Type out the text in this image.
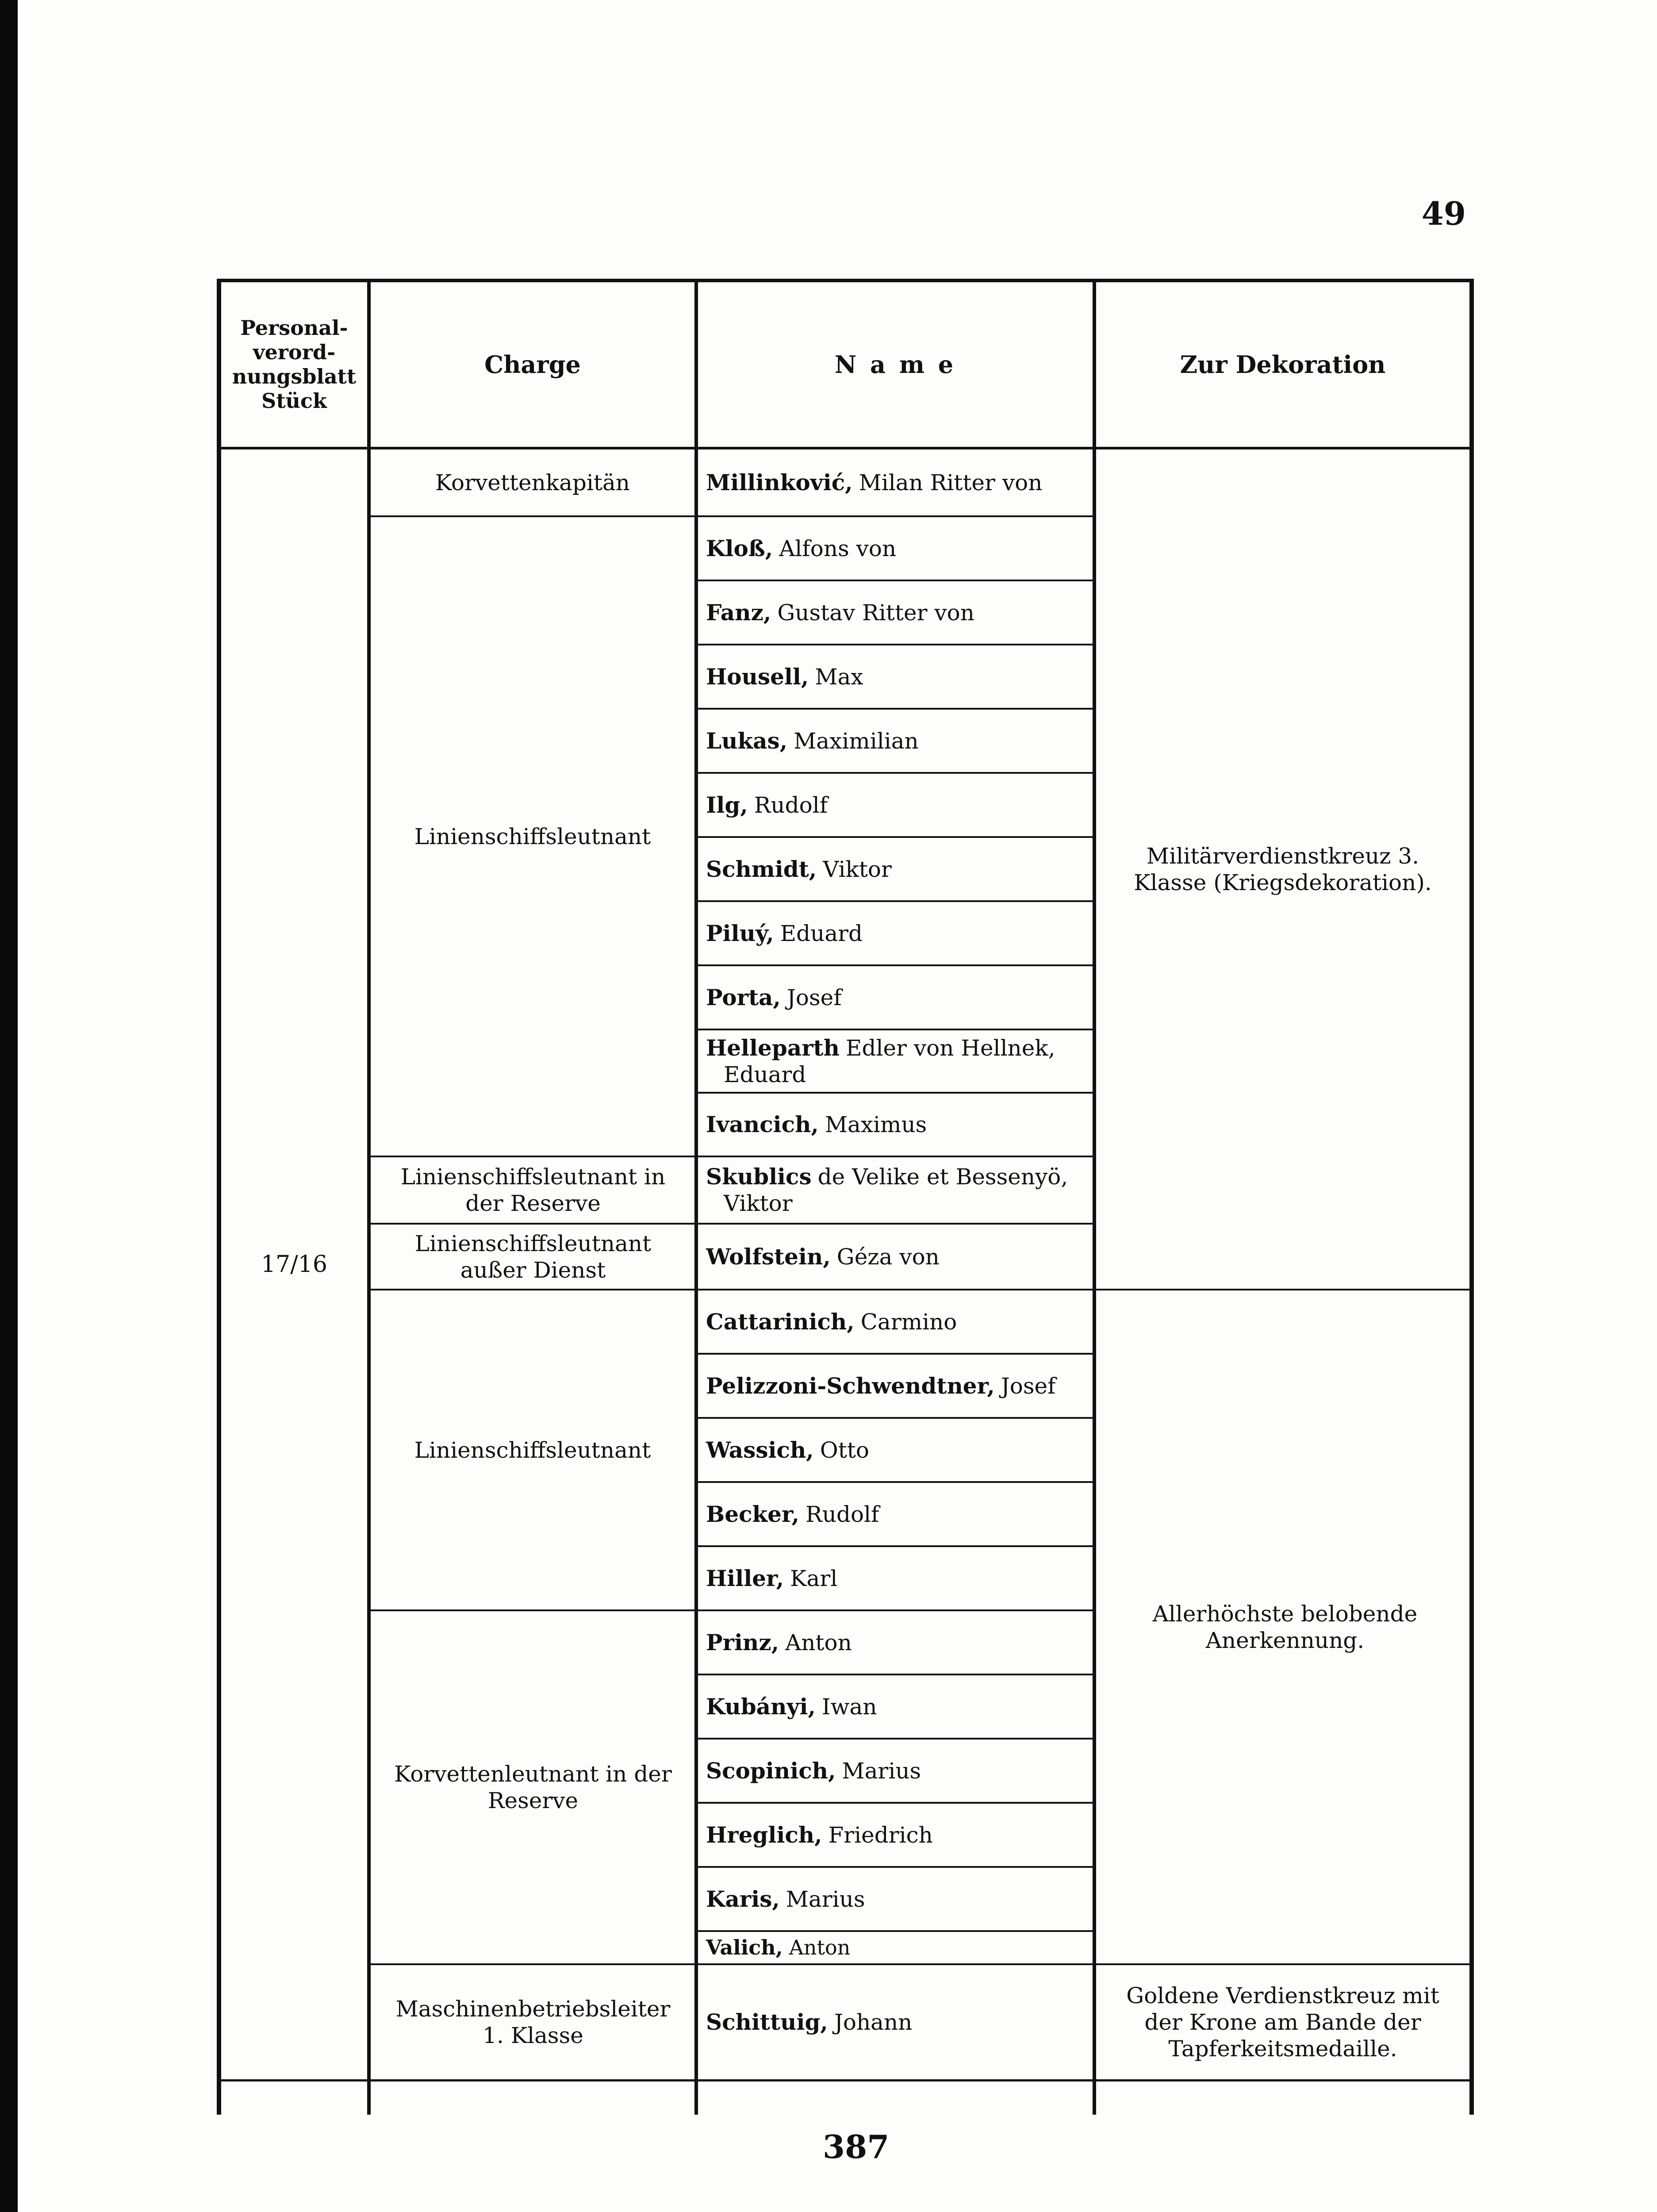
49
Personal-
verord-
nungsblatt
Stück
Charge	N a m e	Zur Dekoration
17/16
Korvettenkapitän
Linienschiffsleutnant
Linienschiffsleutnant in der Reserve
Linienschiffsleutnant außer Dienst
Linienschiffsleutnant
Korvettenleutnant in der Reserve
Maschinenbetriebsleiter 1. Klasse
Millinković, Milan Ritter von
Kloß, Alfons von
Fanz, Gustav Ritter von
Housell, Max
Lukas, Maximilian
Ilg, Rudolf
Schmidt, Viktor
Piluý, Eduard
Porta, Josef
Helleparth Edler von Hellnek,
Eduard
Ivancich, Maximus
Skublics de Velike et Bessenyö,
Viktor
Wolfstein, Géza von
Cattarinich, Carmino
Pelizzoni-Schwendtner, Josef
Wassich, Otto
Becker, Rudolf
Hiller, Karl
Prinz, Anton
Kubányi, Iwan
Scopinich, Marius
Hreglich, Friedrich
Karis, Marius
Valich, Anton
Schittuig, Johann
Militärverdienstkreuz 3. Klasse (Kriegsdekoration).
Allerhöchste belobende Anerkennung.
Goldene Verdienstkreuz mit der Krone am Bande der Tapferkeitsmedaille.
387
